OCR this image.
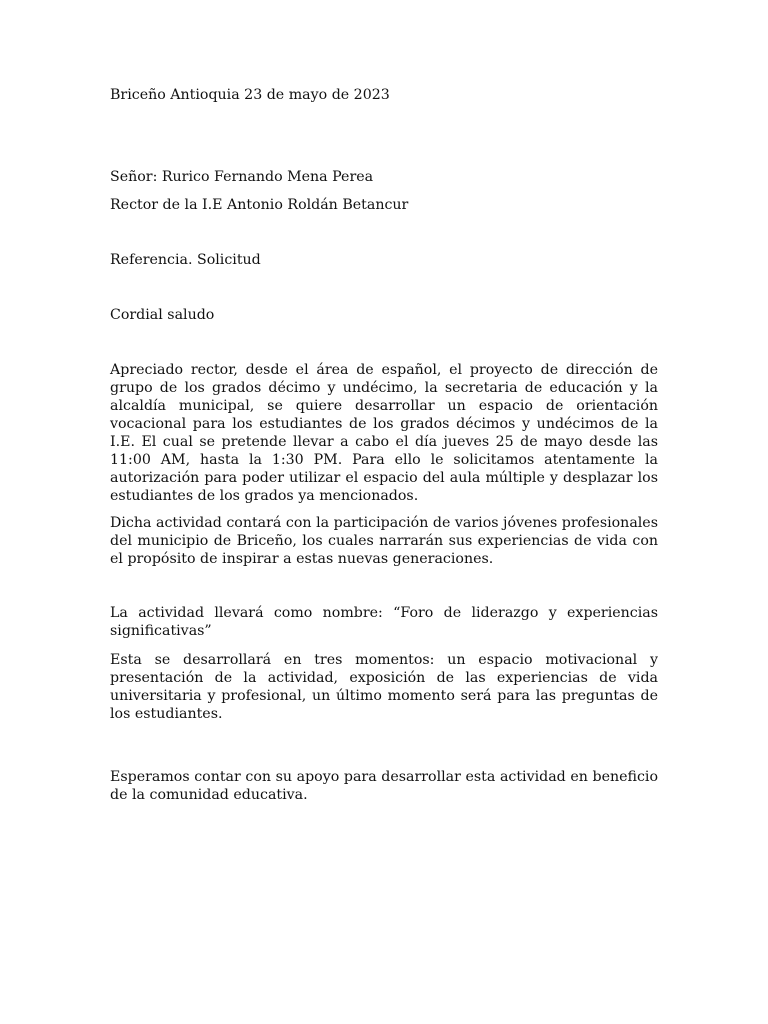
Briceño Antioquia 23 de mayo de 2023
Señor: Rurico Fernando Mena Perea
Rector de la I.E Antonio Roldán Betancur
Referencia. Solicitud
Cordial saludo
Apreciado rector, desde el área de español, el proyecto de dirección de grupo de los grados décimo y undécimo, la secretaria de educación y la alcaldía municipal, se quiere desarrollar un espacio de orientación vocacional para los estudiantes de los grados décimos y undécimos de la I.E. El cual se pretende llevar a cabo el día jueves 25 de mayo desde las 11:00 AM, hasta la 1:30 PM. Para ello le solicitamos atentamente la autorización para poder utilizar el espacio del aula múltiple y desplazar los estudiantes de los grados ya mencionados.
Dicha actividad contará con la participación de varios jóvenes profesionales del municipio de Briceño, los cuales narrarán sus experiencias de vida con el propósito de inspirar a estas nuevas generaciones.
La actividad llevará como nombre: “Foro de liderazgo y experiencias significativas”
Esta se desarrollará en tres momentos: un espacio motivacional y presentación de la actividad, exposición de las experiencias de vida universitaria y profesional, un último momento será para las preguntas de los estudiantes.
Esperamos contar con su apoyo para desarrollar esta actividad en beneficio de la comunidad educativa.
